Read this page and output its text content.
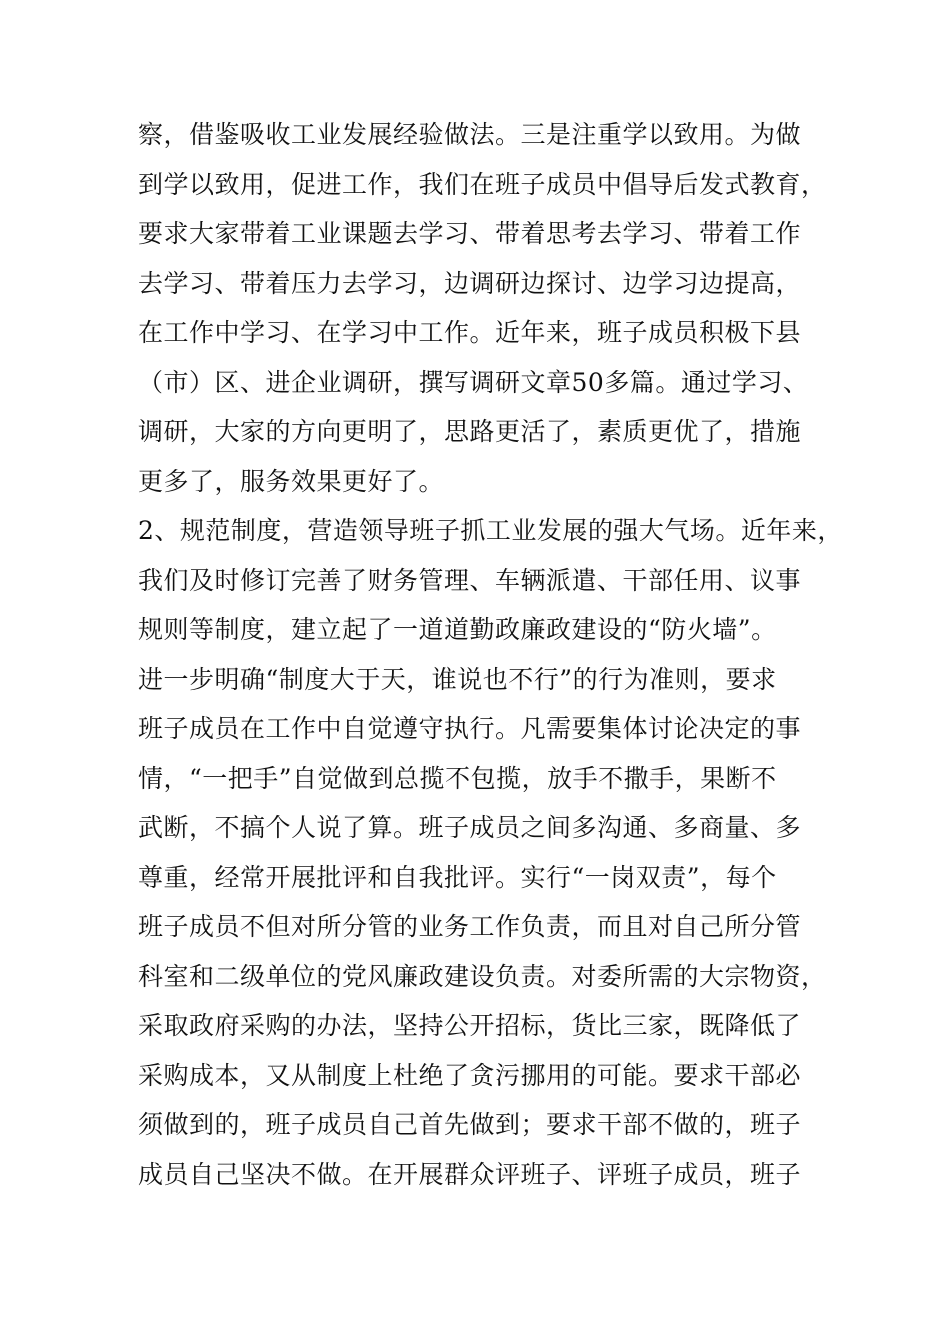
察，借鉴吸收工业发展经验做法。三是注重学以致用。为做
到学以致用，促进工作，我们在班子成员中倡导后发式教育，
要求大家带着工业课题去学习、带着思考去学习、带着工作
去学习、带着压力去学习，边调研边探讨、边学习边提高，
在工作中学习、在学习中工作。近年来，班子成员积极下县
（市）区、进企业调研，撰写调研文章50多篇。通过学习、
调研，大家的方向更明了，思路更活了，素质更优了，措施
更多了，服务效果更好了。
2、规范制度，营造领导班子抓工业发展的强大气场。近年来，
我们及时修订完善了财务管理、车辆派遣、干部任用、议事
规则等制度，建立起了一道道勤政廉政建设的“防火墙”。
进一步明确“制度大于天，谁说也不行”的行为准则，要求
班子成员在工作中自觉遵守执行。凡需要集体讨论决定的事
情，“一把手”自觉做到总揽不包揽，放手不撒手，果断不
武断，不搞个人说了算。班子成员之间多沟通、多商量、多
尊重，经常开展批评和自我批评。实行“一岗双责”，每个
班子成员不但对所分管的业务工作负责，而且对自己所分管
科室和二级单位的党风廉政建设负责。对委所需的大宗物资，
采取政府采购的办法，坚持公开招标，货比三家，既降低了
采购成本，又从制度上杜绝了贪污挪用的可能。要求干部必
须做到的，班子成员自己首先做到；要求干部不做的，班子
成员自己坚决不做。在开展群众评班子、评班子成员，班子
